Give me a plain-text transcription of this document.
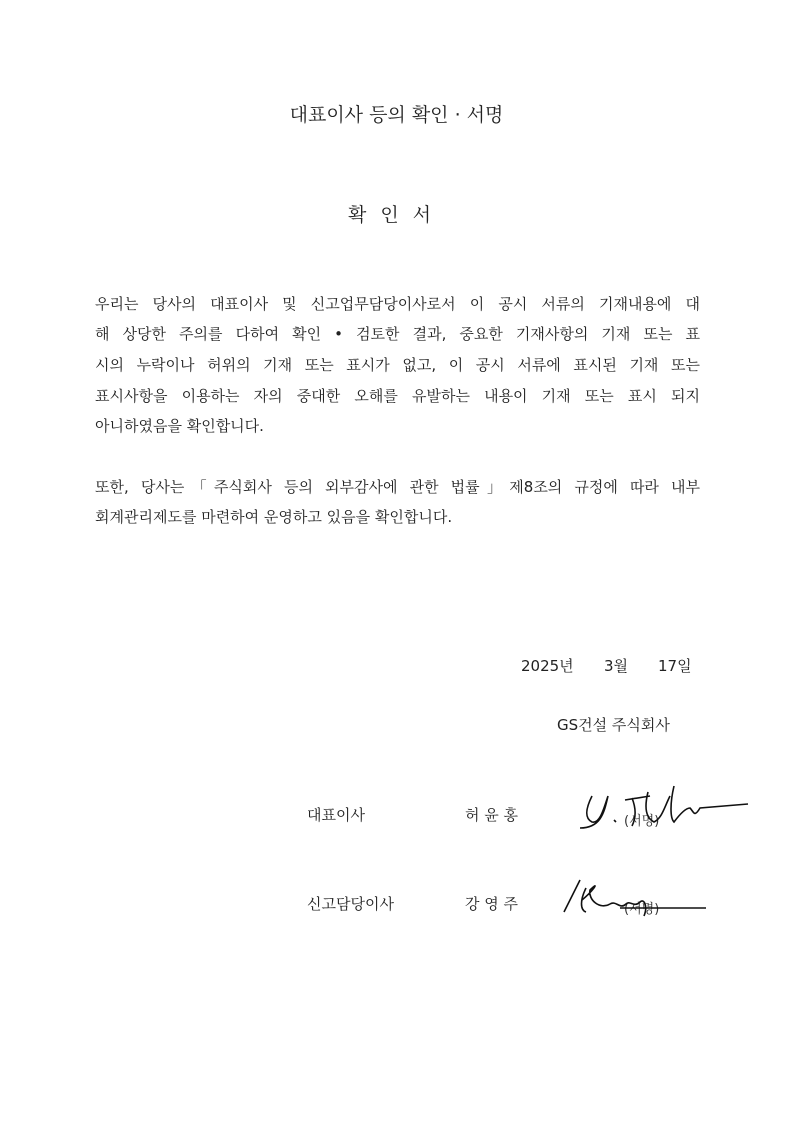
대표이사 등의 확인 · 서명
확인서
우리는 당사의 대표이사 및 신고업무담당이사로서 이 공시 서류의 기재내용에 대
해 상당한 주의를 다하여 확인 • 검토한 결과, 중요한 기재사항의 기재 또는 표
시의 누락이나 허위의 기재 또는 표시가 없고, 이 공시 서류에 표시된 기재 또는
표시사항을 이용하는 자의 중대한 오해를 유발하는 내용이 기재 또는 표시 되지
아니하였음을 확인합니다.
또한, 당사는「주식회사 등의 외부감사에 관한 법률」제8조의 규정에 따라 내부
회계관리제도를 마련하여 운영하고 있음을 확인합니다.
2025년 3월 17일
GS건설 주식회사
대표이사	허 윤 홍	(서명)
신고담당이사	강 영 주	(서명)
